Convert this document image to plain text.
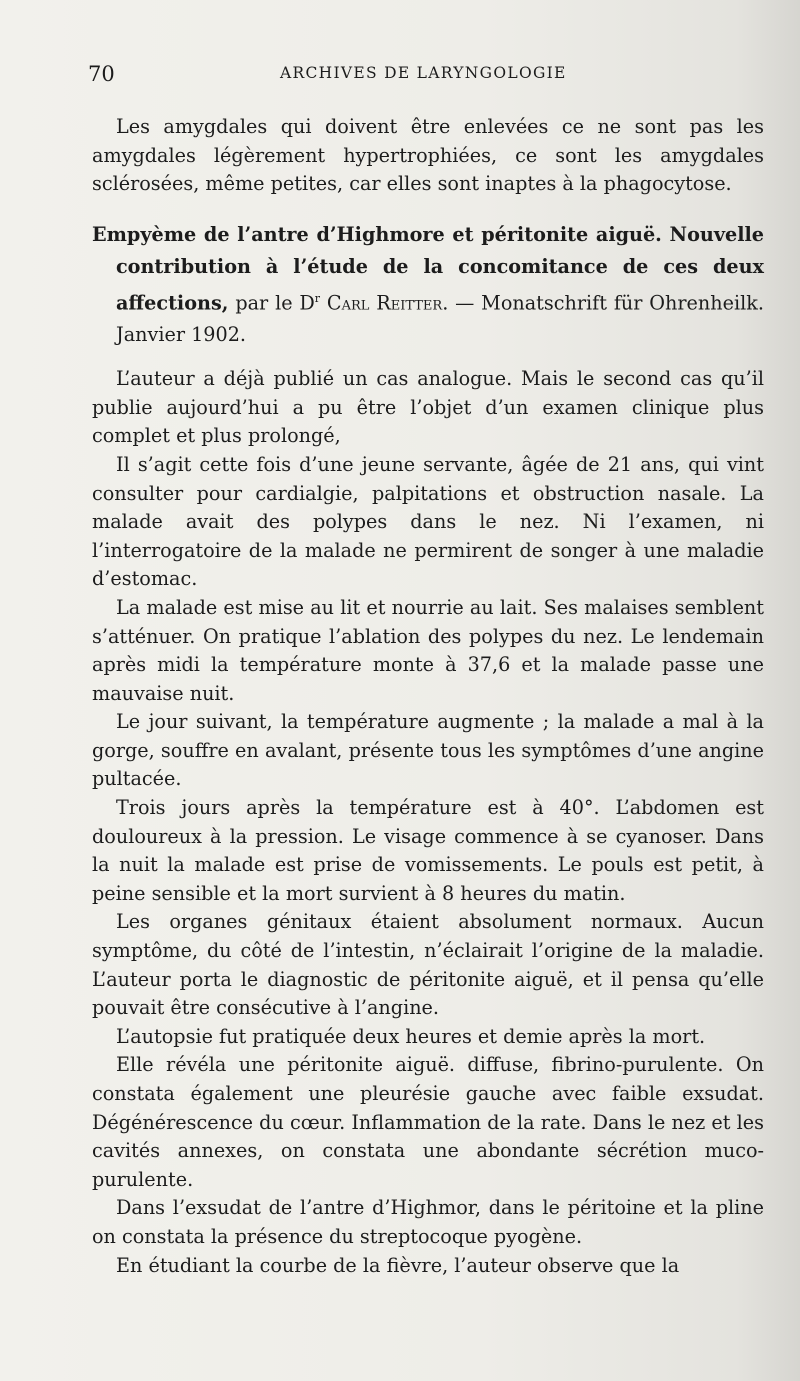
70	ARCHIVES DE LARYNGOLOGIE

Les amygdales qui doivent être enlevées ce ne sont pas les amygdales légèrement hypertrophiées, ce sont les amygdales sclérosées, même petites, car elles sont inaptes à la phagocytose.

Empyème de l’antre d’Highmore et péritonite aiguë. Nouvelle contribution à l’étude de la concomitance de ces deux affections, par le $D^r$ Carl Reitter. — Monatschrift für Ohrenheilk. Janvier 1902.

L’auteur a déjà publié un cas analogue. Mais le second cas qu’il publie aujourd’hui a pu être l’objet d’un examen clinique plus complet et plus prolongé,

Il s’agit cette fois d’une jeune servante, âgée de 21 ans, qui vint consulter pour cardialgie, palpitations et obstruction nasale. La malade avait des polypes dans le nez. Ni l’examen, ni l’interrogatoire de la malade ne permirent de songer à une maladie d’estomac.

La malade est mise au lit et nourrie au lait. Ses malaises semblent s’atténuer. On pratique l’ablation des polypes du nez. Le lendemain après midi la température monte à 37,6 et la malade passe une mauvaise nuit.

Le jour suivant, la température augmente ; la malade a mal à la gorge, souffre en avalant, présente tous les symptômes d’une angine pultacée.

Trois jours après la température est à 40°. L’abdomen est douloureux à la pression. Le visage commence à se cyanoser. Dans la nuit la malade est prise de vomissements. Le pouls est petit, à peine sensible et la mort survient à 8 heures du matin.

Les organes génitaux étaient absolument normaux. Aucun symptôme, du côté de l’intestin, n’éclairait l’origine de la maladie. L’auteur porta le diagnostic de péritonite aiguë, et il pensa qu’elle pouvait être consécutive à l’angine.

L’autopsie fut pratiquée deux heures et demie après la mort.

Elle révéla une péritonite aiguë. diffuse, fibrino-purulente. On constata également une pleurésie gauche avec faible exsudat. Dégénérescence du cœur. Inflammation de la rate. Dans le nez et les cavités annexes, on constata une abondante sécrétion muco-purulente.

Dans l’exsudat de l’antre d’Highmor, dans le péritoine et la pline on constata la présence du streptocoque pyogène.

En étudiant la courbe de la fièvre, l’auteur observe que la
